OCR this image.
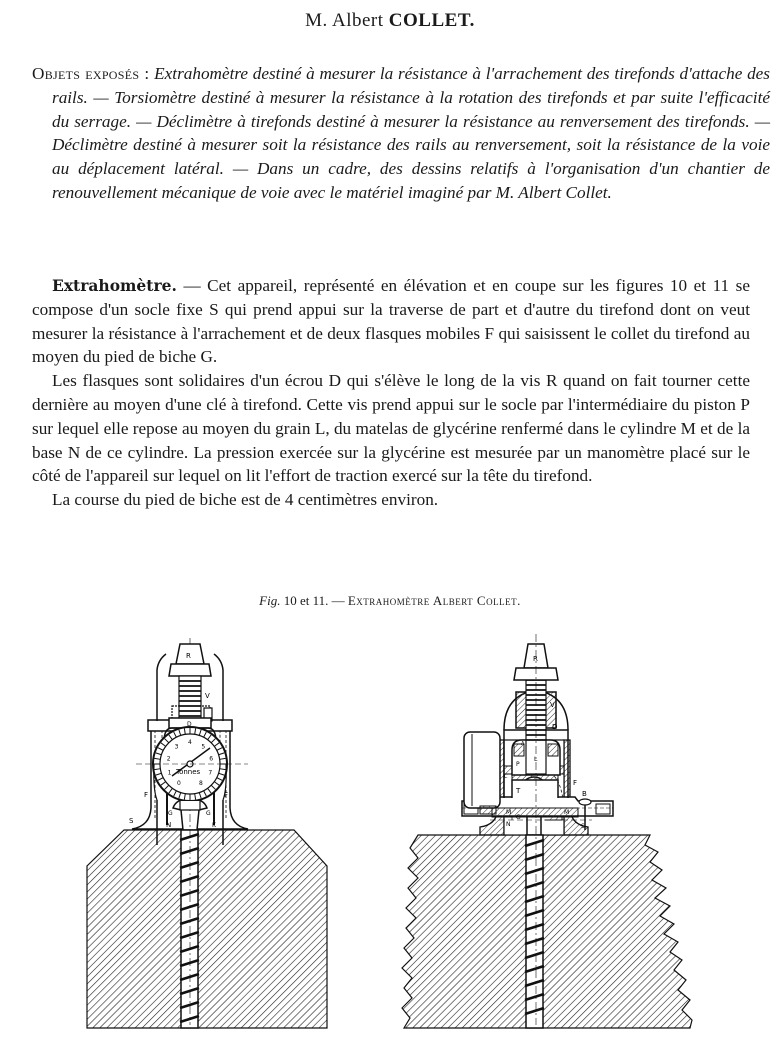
M. Albert COLLET.
Objets exposés : Extrahomètre destiné à mesurer la résistance à l'arrachement des tirefonds d'attache des rails. — Torsiomètre destiné à mesurer la résistance à la rotation des tirefonds et par suite l'efficacité du serrage. — Déclimètre à tirefonds destiné à mesurer la résistance au renversement des tirefonds. — Déclimètre destiné à mesurer soit la résistance des rails au renversement, soit la résistance de la voie au déplacement latéral. — Dans un cadre, des dessins relatifs à l'organisation d'un chantier de renouvellement mécanique de voie avec le matériel imaginé par M. Albert Collet.

Extrahomètre. — Cet appareil, représenté en élévation et en coupe sur les figures 10 et 11 se compose d'un socle fixe S qui prend appui sur la traverse de part et d'autre du tirefond dont on veut mesurer la résistance à l'arrachement et de deux flasques mobiles F qui saisissent le collet du tirefond au moyen du pied de biche G.

Les flasques sont solidaires d'un écrou D qui s'élève le long de la vis R quand on fait tourner cette dernière au moyen d'une clé à tirefond. Cette vis prend appui sur le socle par l'intermédiaire du piston P sur lequel elle repose au moyen du grain L, du matelas de glycérine renfermé dans le cylindre M et de la base N de ce cylindre. La pression exercée sur la glycérine est mesurée par un manomètre placé sur le côté de l'appareil sur lequel on lit l'effort de traction exercé sur la tête du tirefond.

La course du pied de biche est de 4 centimètres environ.

Fig. 10 et 11. — Extrahomètre Albert Collet.
R
V
D
F	F
N	K
Tonnes
0
1
2
3
4
5
6
7
8
G	G
S
R
V
D
F
A
P
L
T
M	M
N
C
B
G
S
